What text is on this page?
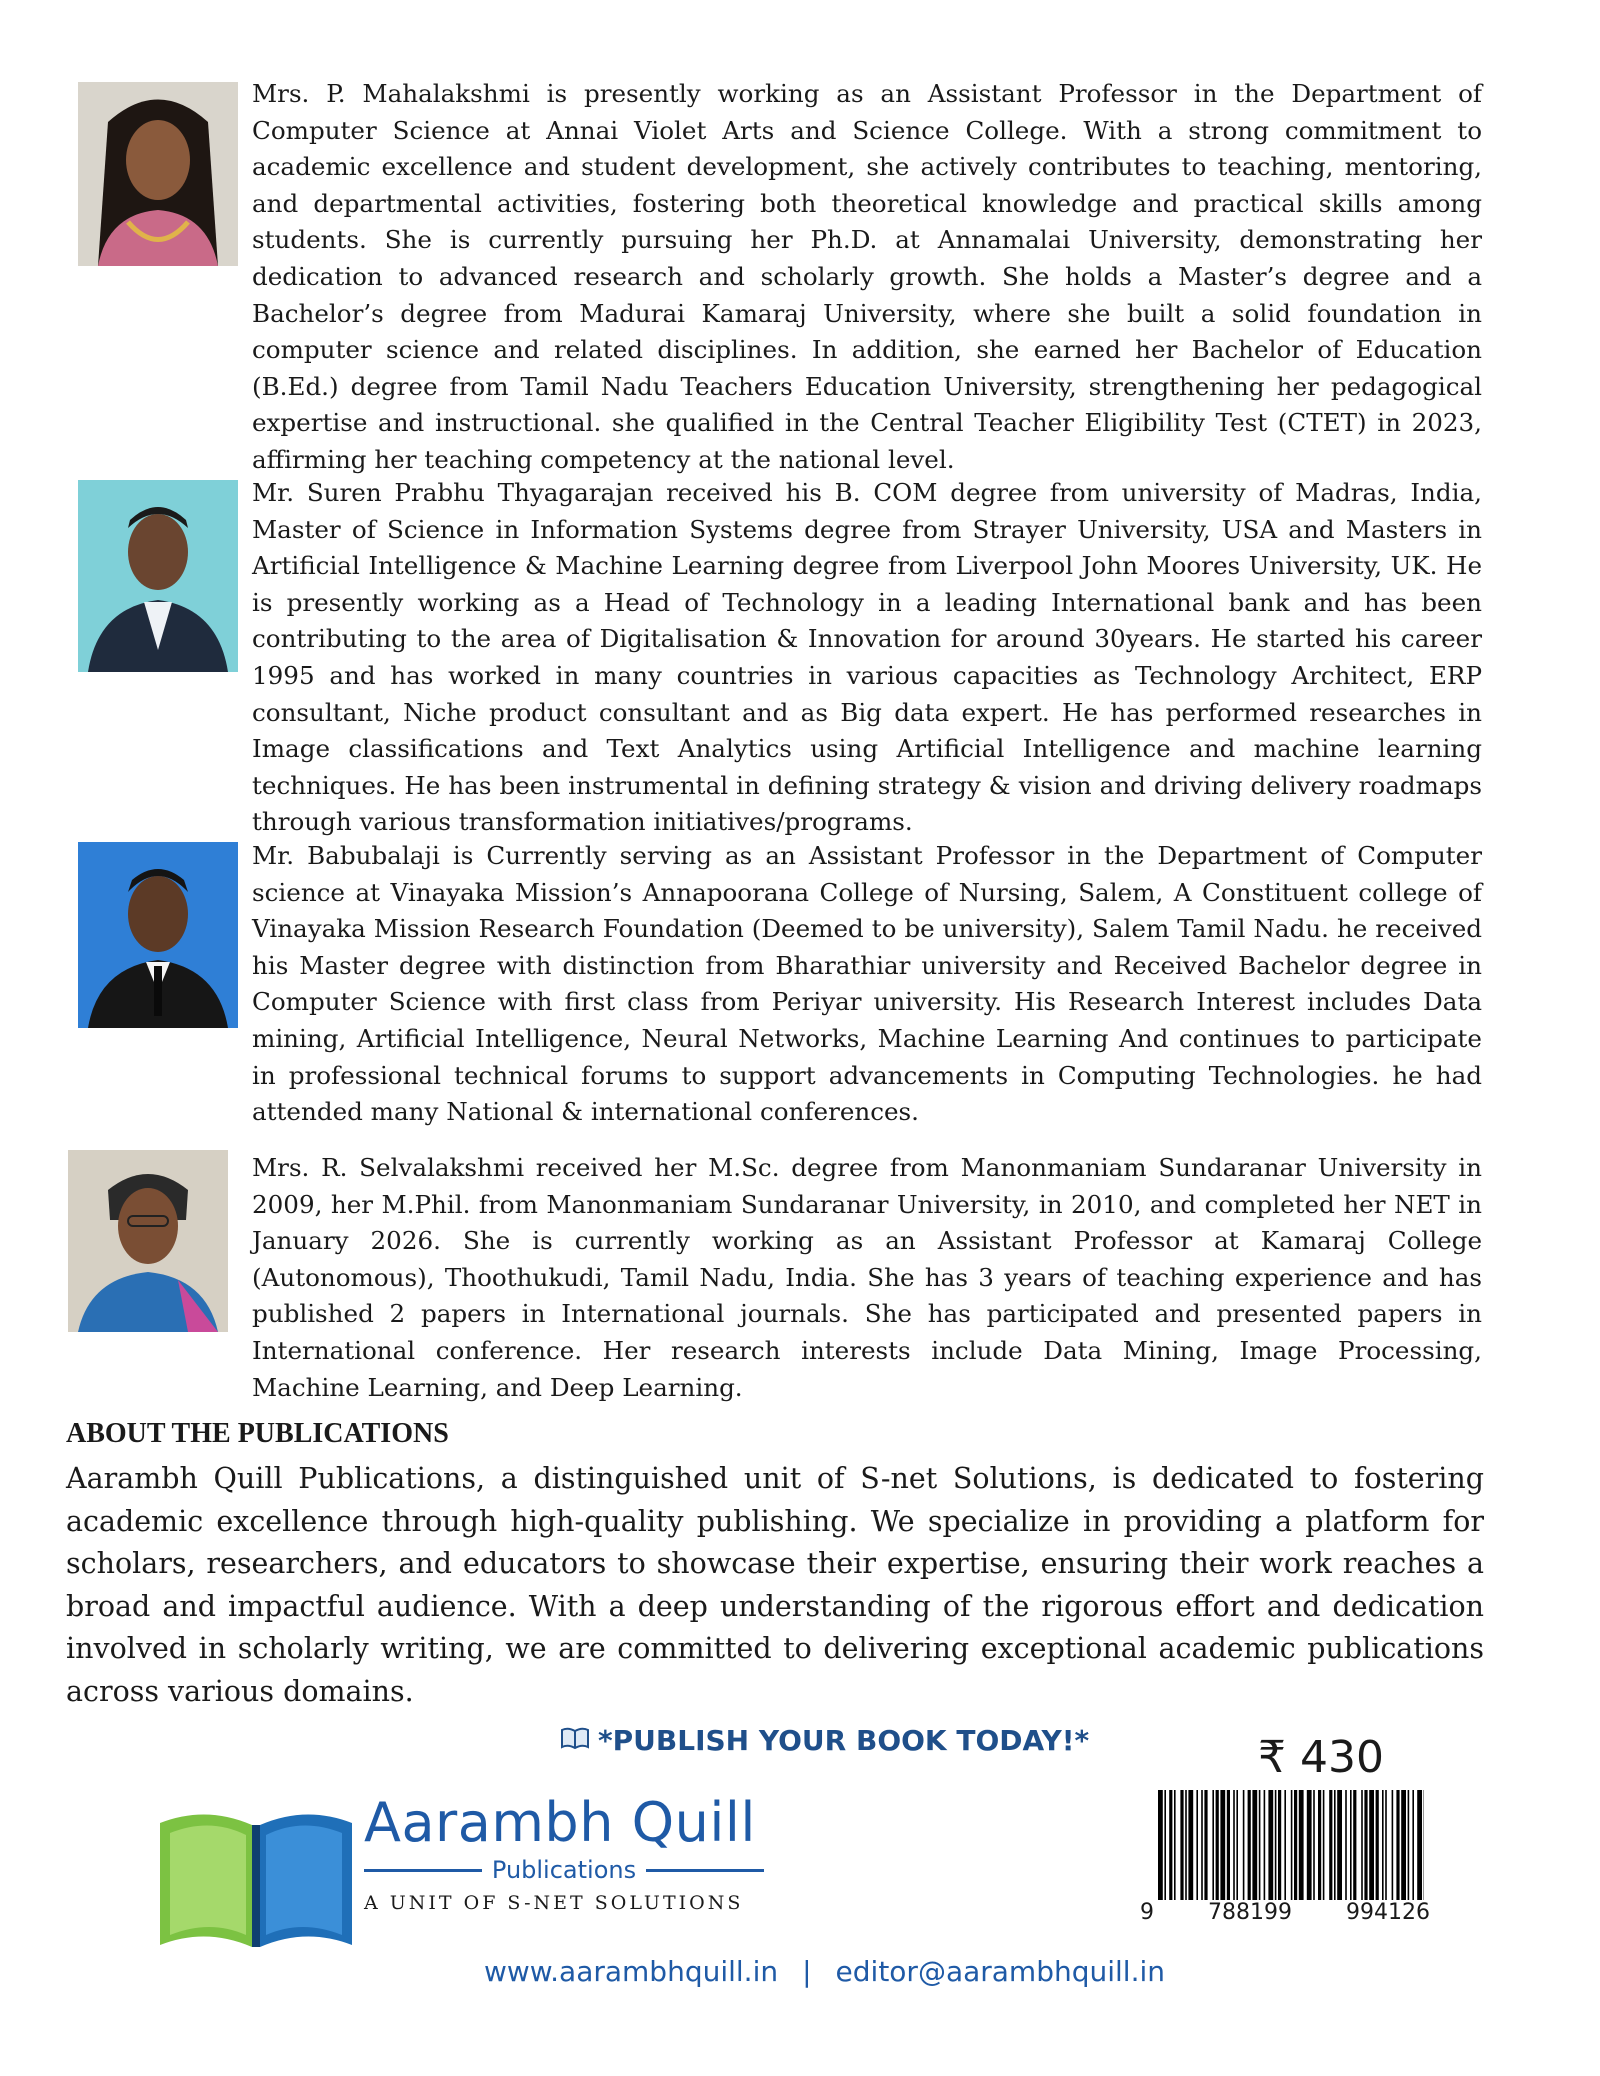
Mrs. P. Mahalakshmi is presently working as an Assistant Professor in the Department of Computer Science at Annai Violet Arts and Science College. With a strong commitment to academic excellence and student development, she actively contributes to teaching, mentoring, and departmental activities, fostering both theoretical knowledge and practical skills among students. She is currently pursuing her Ph.D. at Annamalai University, demonstrating her dedication to advanced research and scholarly growth. She holds a Master’s degree and a Bachelor’s degree from Madurai Kamaraj University, where she built a solid foundation in computer science and related disciplines. In addition, she earned her Bachelor of Education (B.Ed.) degree from Tamil Nadu Teachers Education University, strengthening her pedagogical expertise and instructional. she qualified in the Central Teacher Eligibility Test (CTET) in 2023, affirming her teaching competency at the national level.

Mr. Suren Prabhu Thyagarajan received his B. COM degree from university of Madras, India, Master of Science in Information Systems degree from Strayer University, USA and Masters in Artificial Intelligence & Machine Learning degree from Liverpool John Moores University, UK. He is presently working as a Head of Technology in a leading International bank and has been contributing to the area of Digitalisation & Innovation for around 30years. He started his career 1995 and has worked in many countries in various capacities as Technology Architect, ERP consultant, Niche product consultant and as Big data expert. He has performed researches in Image classifications and Text Analytics using Artificial Intelligence and machine learning techniques. He has been instrumental in defining strategy & vision and driving delivery roadmaps through various transformation initiatives/programs.

Mr. Babubalaji is Currently serving as an Assistant Professor in the Department of Computer science at Vinayaka Mission’s Annapoorana College of Nursing, Salem, A Constituent college of Vinayaka Mission Research Foundation (Deemed to be university), Salem Tamil Nadu. he received his Master degree with distinction from Bharathiar university and Received Bachelor degree in Computer Science with first class from Periyar university. His Research Interest includes Data mining, Artificial Intelligence, Neural Networks, Machine Learning And continues to participate in professional technical forums to support advancements in Computing Technologies. he had attended many National & international conferences.

Mrs. R. Selvalakshmi received her M.Sc. degree from Manonmaniam Sundaranar University in 2009, her M.Phil. from Manonmaniam Sundaranar University, in 2010, and completed her NET in January 2026. She is currently working as an Assistant Professor at Kamaraj College (Autonomous), Thoothukudi, Tamil Nadu, India. She has 3 years of teaching experience and has published 2 papers in International journals. She has participated and presented papers in International conference. Her research interests include Data Mining, Image Processing, Machine Learning, and Deep Learning.

ABOUT THE PUBLICATIONS

Aarambh Quill Publications, a distinguished unit of S-net Solutions, is dedicated to fostering academic excellence through high-quality publishing. We specialize in providing a platform for scholars, researchers, and educators to showcase their expertise, ensuring their work reaches a broad and impactful audience. With a deep understanding of the rigorous effort and dedication involved in scholarly writing, we are committed to delivering exceptional academic publications across various domains.

*PUBLISH YOUR BOOK TODAY!*	₹ 430
9 788199 994126

Aarambh Quill

Publications
A UNIT OF S-NET SOLUTIONS
www.aarambhquill.in | editor@aarambhquill.in
